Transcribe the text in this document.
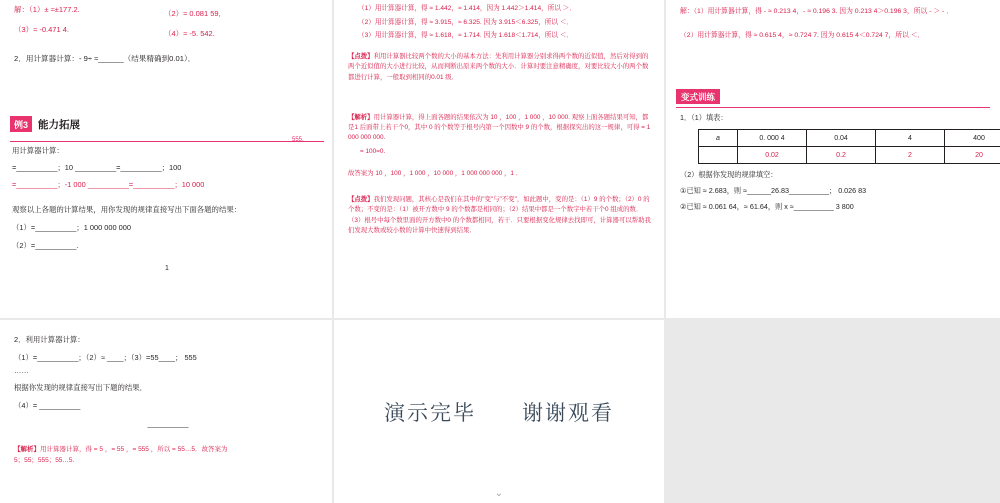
解：（1）± ≈±177.2.	（2）≈ 0.081 59,
（3）≈ -0.471 4.	（4）≈ -5. 542.
2．用计算器计算：- 9÷ ≈______（结果精确到0.01）．
例3 能力拓展
555．
用计算器计算：
=__________；10 __________=__________；100
=__________；-1 000 __________=__________；10 000
观察以上各题的计算结果，用你发现的规律直接写出下面各题的结果：
（1）=__________；1 000 000 000
（2）=__________.
1
（1）用计算器计算，得 ≈ 1.442，≈ 1.414，因为 1.442＞1.414，所以 ＞．
（2）用计算器计算，得 ≈ 3.915，≈ 6.325. 因为 3.915＜6.325，所以 ＜．
（3）用计算器计算，得 ≈ 1.618，≈ 1.714. 因为 1.618＜1.714，所以 ＜．
【点拨】利用计算器比较两个数的大小的基本方法：先利用计算器分别求得两个数的近似值，然后对得到的两个近似值的大小进行比较，从而判断出原来两个数的大小．计算时要注意精确度，对要比较大小的两个数都进行计算，一般取到相同的0.01 级．
【解析】用计算器计算，得上面各题的结果依次为 10 ，100 ，1 000 ，10 000. 观察上面各题结果可知，都是1 后面带上若干个0，其中 0 的个数等于根号内第一个因数中 9 的个数，根据探究出的这一规律，可得 = 1 000 000 000.
= 100=0.
故答案为 10 ，100 ，1 000 ，10 000 ，1 000 000 000 ，1 ．
【点拨】我们发现问题，其核心是我们在其中的"变"与"不变"，如此题中，变的是：（1）9 的个数；（2）0 的个数；不变的是：（1）被开方数中 9 的个数都是相同的；（2）结果中都是一个数字中若干个0 组成的数．（3）根号中每个数里面的开方数中0 的个数都相同，若干．只要根据变化规律去找即可，计算器可以帮助我们发现大数或较小数的计算中快速得到结果．
解：（1）用计算器计算，得 - ≈ 0.213 4，- ≈ 0.196 3. 因为 0.213 4＞0.196 3，所以 - ＞ - ．
（2）用计算器计算，得 ≈ 0.615 4，≈ 0.724 7. 因为 0.615 4＜0.724 7，所以 ＜．
变式训练
1．（1）填表：
a	0. 000 4	0.04	4	400
	0.02	0.2	2	20
（2）根据你发现的规律填空：
①已知 ≈ 2.683，则 ≈______26.83__________； 0.026 83
②已知 ≈ 0.061 64，≈ 61.64，则 x ≈__________ 3 800
2．利用计算器计算：
（1）=__________；（2）≈ ____；（3）=55____； 555
……
根据你发现的规律直接写出下题的结果．
（4）= __________
__________
【解析】用计算器计算，得 = 5 ，= 55 ，= 555 ，所以 = 55…5．故答案为
5；55；555；55…5.
演示完毕　　谢谢观看
⌄
